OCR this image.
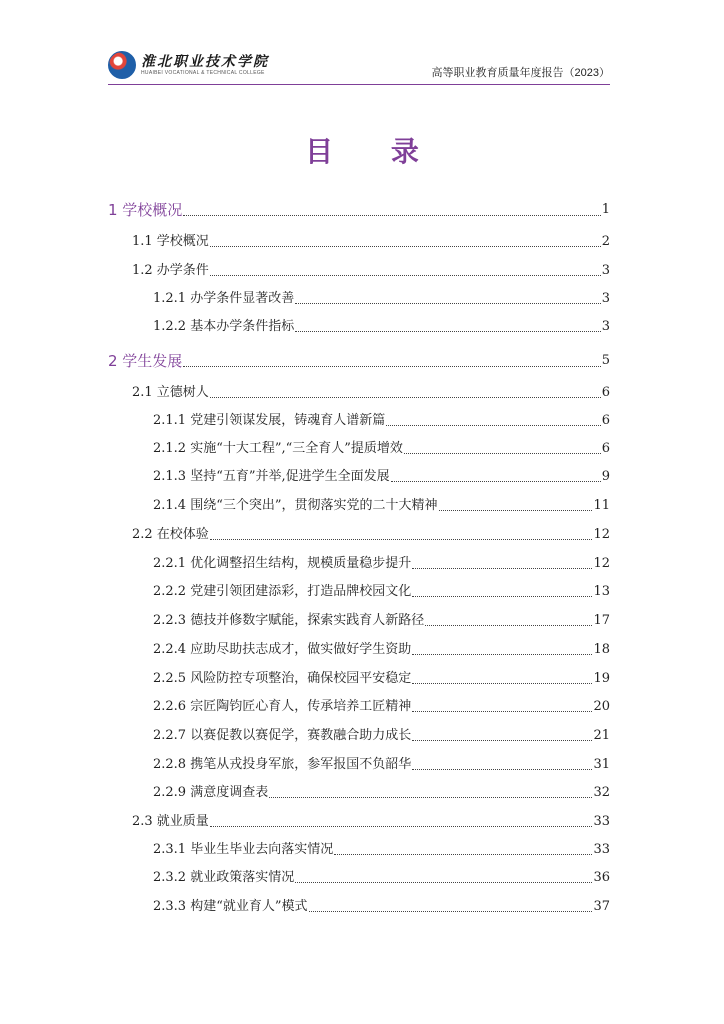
淮北职业技术学院
HUAIBEI VOCATIONAL & TECHNICAL COLLEGE	高等职业教育质量年度报告（2023）
目 录
1 学校概况	1
1.1 学校概况	2
1.2 办学条件	3
1.2.1 办学条件显著改善	3
1.2.2 基本办学条件指标	3
2 学生发展	5
2.1 立德树人	6
2.1.1 党建引领谋发展，铸魂育人谱新篇	6
2.1.2 实施“十大工程”,“三全育人”提质增效	6
2.1.3 坚持“五育”并举,促进学生全面发展	9
2.1.4 围绕“三个突出”，贯彻落实党的二十大精神	11
2.2 在校体验	12
2.2.1 优化调整招生结构，规模质量稳步提升	12
2.2.2 党建引领团建添彩，打造品牌校园文化	13
2.2.3 德技并修数字赋能，探索实践育人新路径	17
2.2.4 应助尽助扶志成才，做实做好学生资助	18
2.2.5 风险防控专项整治，确保校园平安稳定	19
2.2.6 宗匠陶钧匠心育人，传承培养工匠精神	20
2.2.7 以赛促教以赛促学，赛教融合助力成长	21
2.2.8 携笔从戎投身军旅，参军报国不负韶华	31
2.2.9 满意度调查表	32
2.3 就业质量	33
2.3.1 毕业生毕业去向落实情况	33
2.3.2 就业政策落实情况	36
2.3.3 构建“就业育人”模式	37
